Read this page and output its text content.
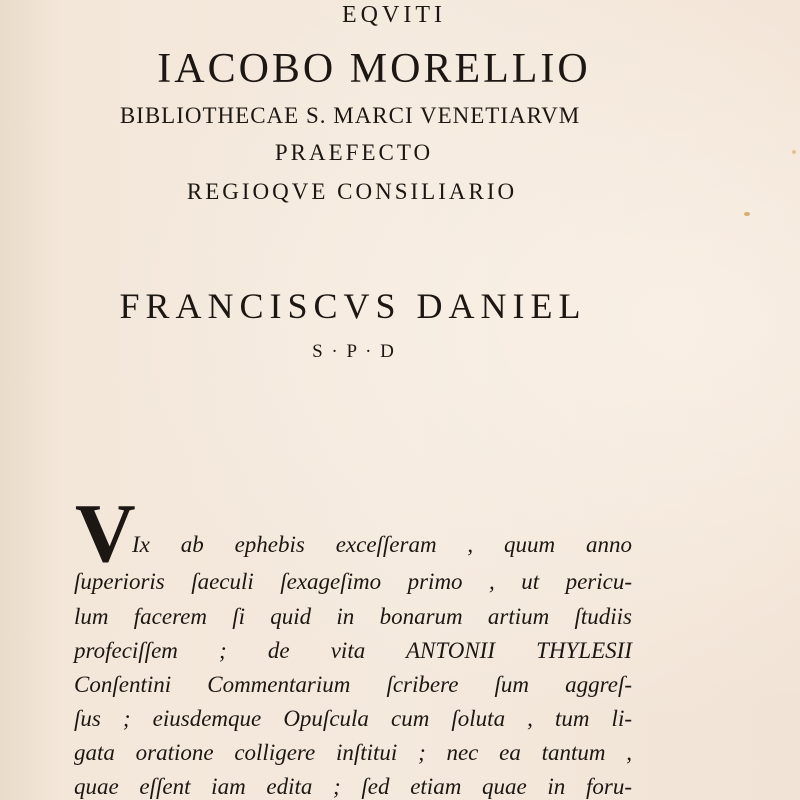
EQVITI
IACOBO MORELLIO
BIBLIOTHECAE S. MARCI VENETIARVM
PRAEFECTO
REGIOQVE CONSILIARIO
FRANCISCVS DANIEL
S · P · D
V
Ix ab ephebis exceſſeram , quum anno
ſuperioris ſaeculi ſexageſimo primo , ut pericu-
lum facerem ſi quid in bonarum artium ſtudiis
profeciſſem ; de vita ANTONII THYLESII
Conſentini Commentarium ſcribere ſum aggreſ-
ſus ; eiusdemque Opuſcula cum ſoluta , tum li-
gata oratione colligere inſtitui ; nec ea tantum ,
quae eſſent iam edita ; ſed etiam quae in foru-
